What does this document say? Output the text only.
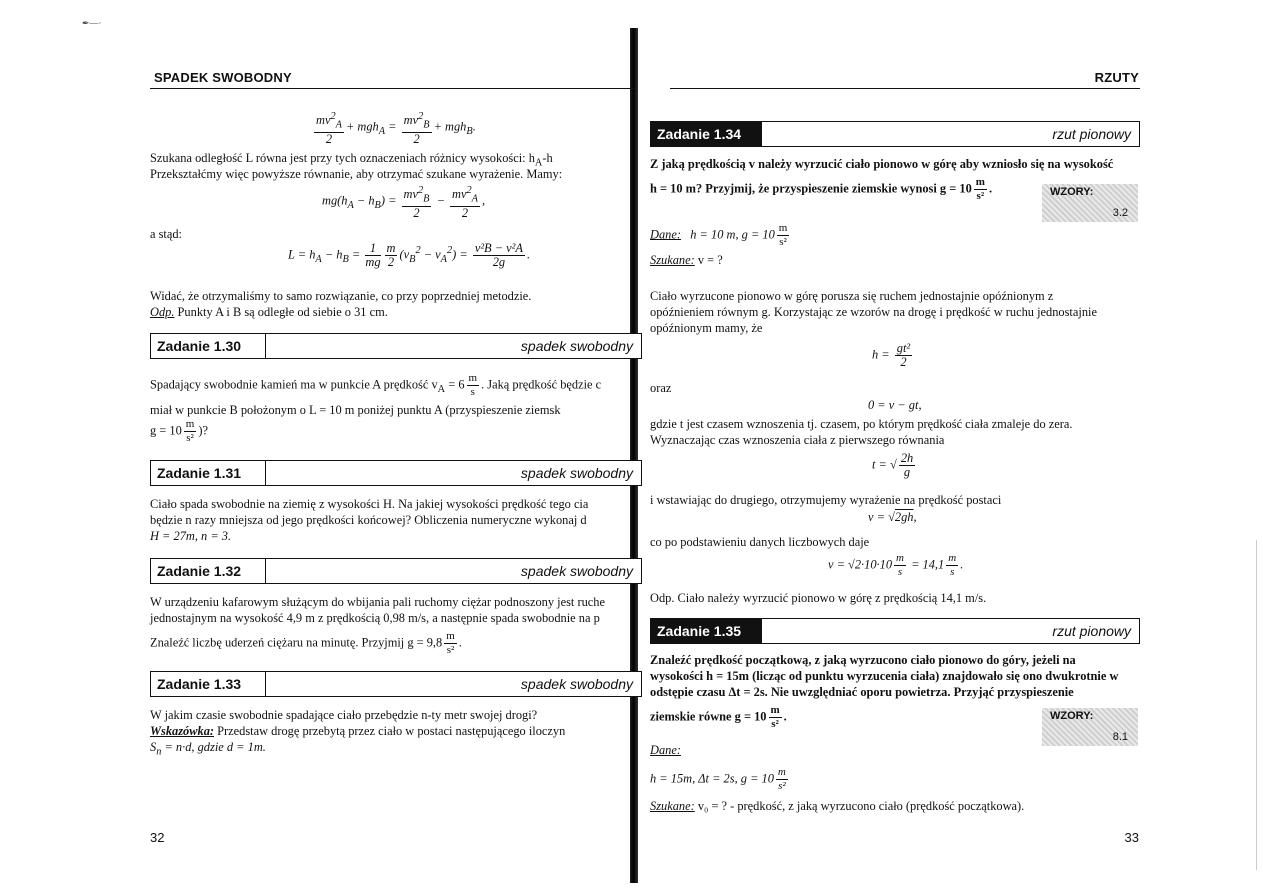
✒—·
SPADEK SWOBODNY
$\frac{mv^2_A}{2} + mgh_A = \frac{mv^2_B}{2} + mgh_B$.
Szukana odległość L równa jest przy tych oznaczeniach różnicy wysokości: $h_A-h$
Przekształćmy więc powyższe równanie, aby otrzymać szukane wyrażenie. Mamy:
$mg(h_A - h_B) = \frac{mv^2_B}{2} - \frac{mv^2_A}{2}$ ,
a stąd:
$L = h_A - h_B = \frac{1}{mg} \frac{m}{2} (v_B^2 - v_A^2) = \frac{\text{v²B − v²A}}{2g}$ .
Widać, że otrzymaliśmy to samo rozwiązanie, co przy poprzedniej metodzie.
Odp. Punkty A i B są odległe od siebie o 31 cm.
Zadanie 1.30	spadek swobodny
Spadający swobodnie kamień ma w punkcie A prędkość $v_A = 6 \frac{m}{s}$ . Jaką prędkość będzie c
miał w punkcie B położonym o L = 10 m poniżej punktu A (przyspieszenie ziemsk
$g = 10 \frac{m}{\text{s²}}$ )?
Zadanie 1.31	spadek swobodny
Ciało spada swobodnie na ziemię z wysokości H. Na jakiej wysokości prędkość tego cia
będzie n razy mniejsza od jego prędkości końcowej? Obliczenia numeryczne wykonaj d
H = 27m, n = 3.
Zadanie 1.32	spadek swobodny
W urządzeniu kafarowym służącym do wbijania pali ruchomy ciężar podnoszony jest ruche
jednostajnym na wysokość 4,9 m z prędkością 0,98 m/s, a następnie spada swobodnie na p
Znaleźć liczbę uderzeń ciężaru na minutę. Przyjmij $g = 9,8 \frac{m}{\text{s²}}$ .
Zadanie 1.33	spadek swobodny
W jakim czasie swobodnie spadające ciało przebędzie n-ty metr swojej drogi?
Wskazówka: Przedstaw drogę przebytą przez ciało w postaci następującego iloczyn
$S_n = n\cdot d$, gdzie d = 1m.
32
RZUTY
Zadanie 1.34	rzut pionowy
Z jaką prędkością v należy wyrzucić ciało pionowo w górę aby wzniosło się na wysokość
h = 10 m? Przyjmij, że przyspieszenie ziemskie wynosi $g = 10 \frac{m}{\text{s²}}$ .	WZORY:
3.2
Dane: h = 10 m, $g = 10 \frac{m}{\text{s²}}$
Szukane: v = ?
Ciało wyrzucone pionowo w górę porusza się ruchem jednostajnie opóźnionym z
opóźnieniem równym g. Korzystając ze wzorów na drogę i prędkość w ruchu jednostajnie
opóźnionym mamy, że
$h = \frac{\text{gt²}}{2}$
oraz
0 = v − gt,
gdzie t jest czasem wznoszenia tj. czasem, po którym prędkość ciała zmaleje do zera.
Wyznaczając czas wznoszenia ciała z pierwszego równania
t = √ $\frac{2h}{g}$
i wstawiając do drugiego, otrzymujemy wyrażenie na prędkość postaci
v = √2gh,
co po podstawieniu danych liczbowych daje
$v = √2\cdot 10\cdot 10 \frac{m}{s} = 14,1 \frac{m}{s}$ .
Odp. Ciało należy wyrzucić pionowo w górę z prędkością 14,1 m/s.
Zadanie 1.35	rzut pionowy
Znaleźć prędkość początkową, z jaką wyrzucono ciało pionowo do góry, jeżeli na
wysokości h = 15m (licząc od punktu wyrzucenia ciała) znajdowało się ono dwukrotnie w
odstępie czasu Δt = 2s. Nie uwzględniać oporu powietrza. Przyjąć przyspieszenie
ziemskie równe $g = 10 \frac{m}{\text{s²}}$ .	WZORY:
8.1
Dane:
h = 15m, Δt = 2s, $g = 10 \frac{m}{\text{s²}}$
Szukane: v₀ = ? - prędkość, z jaką wyrzucono ciało (prędkość początkowa).
33
